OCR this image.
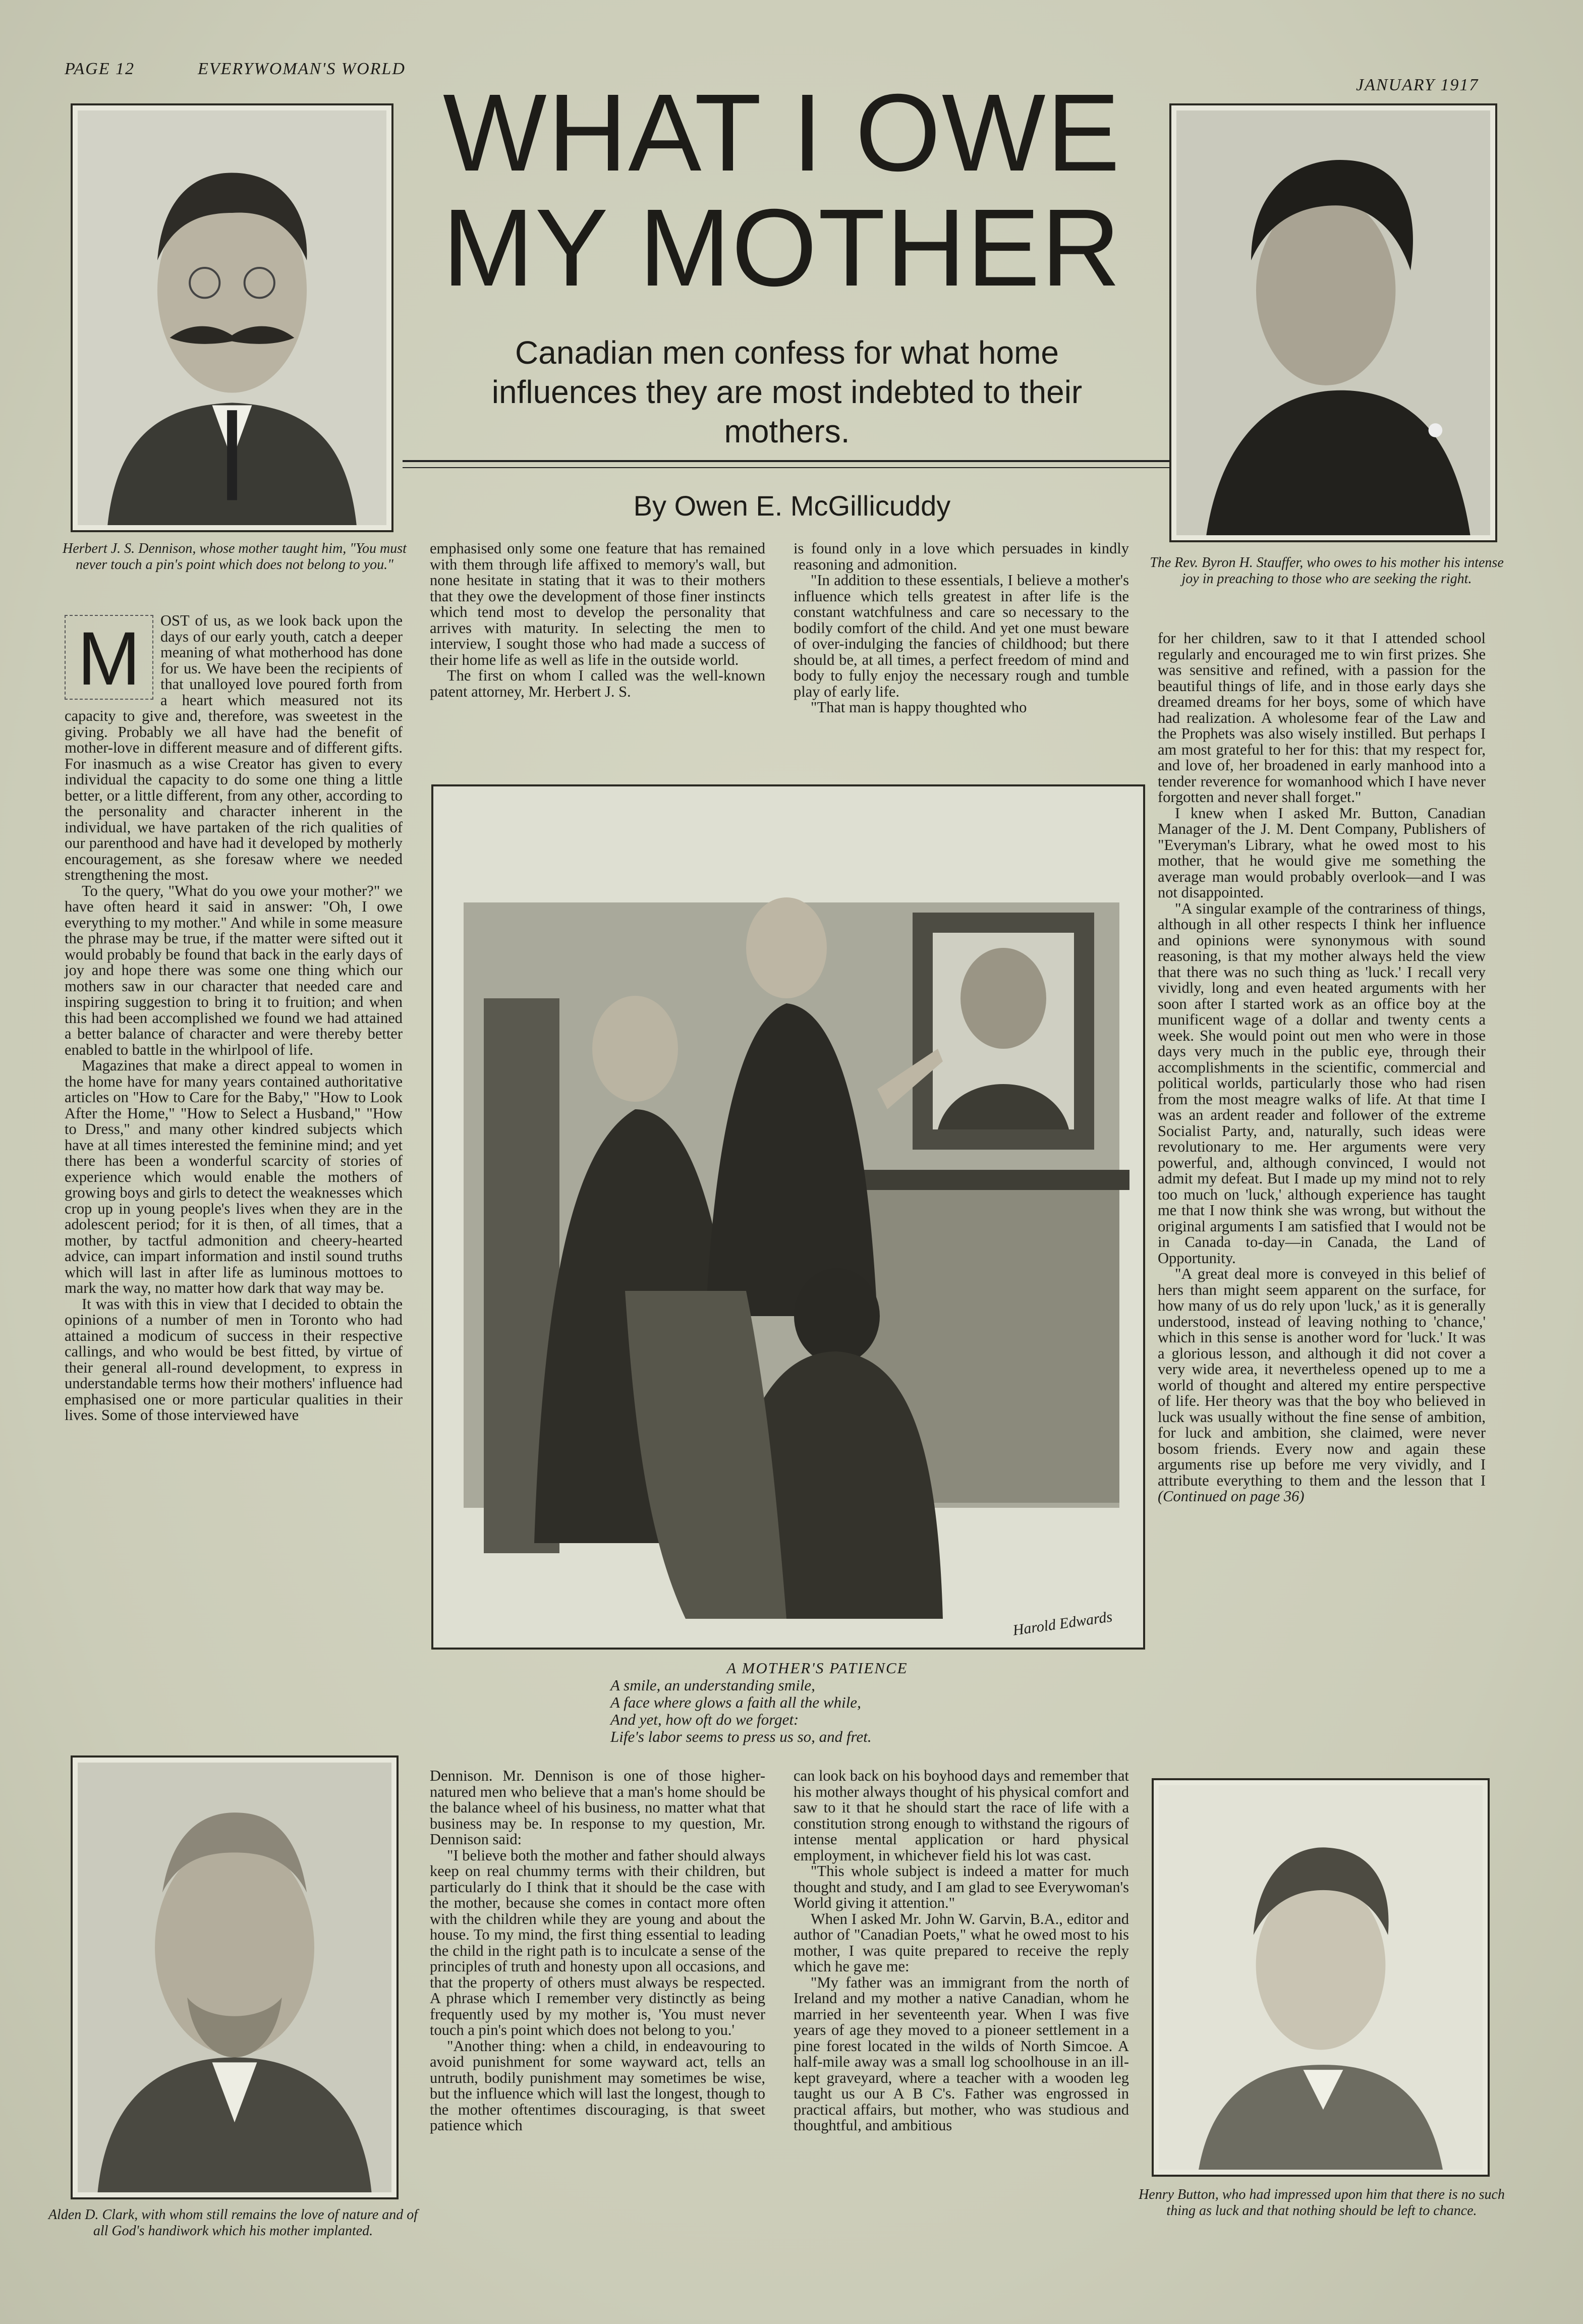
PAGE 12	EVERYWOMAN'S WORLD
JANUARY 1917
WHAT I OWE
MY MOTHER
Canadian men confess for what home influences they are most indebted to their mothers.
By Owen E. McGillicuddy
Herbert J. S. Dennison, whose mother taught him, "You must never touch a pin's point which does not belong to you."	The Rev. Byron H. Stauffer, who owes to his mother his intense joy in preaching to those who are seeking the right.

M	OST of us, as we look back upon the days of our early youth, catch a deeper meaning of what motherhood has done for us. We have been the recipients of that unalloyed love poured forth from a heart which measured not its capacity to give and, therefore, was sweetest in the giving. Probably we all have had the benefit of mother-love in different measure and of different gifts. For inasmuch as a wise Creator has given to every individual the capacity to do some one thing a little better, or a little different, from any other, according to the personality and character inherent in the individual, we have partaken of the rich qualities of our parenthood and have had it developed by motherly encouragement, as she foresaw where we needed strengthening the most.

To the query, "What do you owe your mother?" we have often heard it said in answer: "Oh, I owe everything to my mother." And while in some measure the phrase may be true, if the matter were sifted out it would probably be found that back in the early days of joy and hope there was some one thing which our mothers saw in our character that needed care and inspiring suggestion to bring it to fruition; and when this had been accomplished we found we had attained a better balance of character and were thereby better enabled to battle in the whirlpool of life.

Magazines that make a direct appeal to women in the home have for many years contained authoritative articles on "How to Care for the Baby," "How to Look After the Home," "How to Select a Husband," "How to Dress," and many other kindred subjects which have at all times interested the feminine mind; and yet there has been a wonderful scarcity of stories of experience which would enable the mothers of growing boys and girls to detect the weaknesses which crop up in young people's lives when they are in the adolescent period; for it is then, of all times, that a mother, by tactful admonition and cheery-hearted advice, can impart information and instil sound truths which will last in after life as luminous mottoes to mark the way, no matter how dark that way may be.

It was with this in view that I decided to obtain the opinions of a number of men in Toronto who had attained a modicum of success in their respective callings, and who would be best fitted, by virtue of their general all-round development, to express in understandable terms how their mothers' influence had emphasised one or more particular qualities in their lives. Some of those interviewed have

emphasised only some one feature that has remained with them through life affixed to memory's wall, but none hesitate in stating that it was to their mothers that they owe the development of those finer instincts which tend most to develop the personality that arrives with maturity. In selecting the men to interview, I sought those who had made a success of their home life as well as life in the outside world.

The first on whom I called was the well-known patent attorney, Mr. Herbert J. S.

is found only in a love which persuades in kindly reasoning and admonition.

"In addition to these essentials, I believe a mother's influence which tells greatest in after life is the constant watchfulness and care so necessary to the bodily comfort of the child. And yet one must beware of over-indulging the fancies of childhood; but there should be, at all times, a perfect freedom of mind and body to fully enjoy the necessary rough and tumble play of early life.

"That man is happy thoughted who

Harold Edwards
A MOTHER'S PATIENCE
A smile, an understanding smile,
A face where glows a faith all the while,
And yet, how oft do we forget:
Life's labor seems to press us so, and fret.

for her children, saw to it that I attended school regularly and encouraged me to win first prizes. She was sensitive and refined, with a passion for the beautiful things of life, and in those early days she dreamed dreams for her boys, some of which have had realization. A wholesome fear of the Law and the Prophets was also wisely instilled. But perhaps I am most grateful to her for this: that my respect for, and love of, her broadened in early manhood into a tender reverence for womanhood which I have never forgotten and never shall forget."

I knew when I asked Mr. Button, Canadian Manager of the J. M. Dent Company, Publishers of "Everyman's Library, what he owed most to his mother, that he would give me something the average man would probably overlook—and I was not disappointed.

"A singular example of the contrariness of things, although in all other respects I think her influence and opinions were synonymous with sound reasoning, is that my mother always held the view that there was no such thing as 'luck.' I recall very vividly, long and even heated arguments with her soon after I started work as an office boy at the munificent wage of a dollar and twenty cents a week. She would point out men who were in those days very much in the public eye, through their accomplishments in the scientific, commercial and political worlds, particularly those who had risen from the most meagre walks of life. At that time I was an ardent reader and follower of the extreme Socialist Party, and, naturally, such ideas were revolutionary to me. Her arguments were very powerful, and, although convinced, I would not admit my defeat. But I made up my mind not to rely too much on 'luck,' although experience has taught me that I now think she was wrong, but without the original arguments I am satisfied that I would not be in Canada to-day—in Canada, the Land of Opportunity.

"A great deal more is conveyed in this belief of hers than might seem apparent on the surface, for how many of us do rely upon 'luck,' as it is generally understood, instead of leaving nothing to 'chance,' which in this sense is another word for 'luck.' It was a glorious lesson, and although it did not cover a very wide area, it nevertheless opened up to me a world of thought and altered my entire perspective of life. Her theory was that the boy who believed in luck was usually without the fine sense of ambition, for luck and ambition, she claimed, were never bosom friends. Every now and again these arguments rise up before me very vividly, and I attribute everything to them and the lesson that I (Continued on page 36)

Alden D. Clark, with whom still remains the love of nature and of all God's handiwork which his mother implanted.

Dennison. Mr. Dennison is one of those higher-natured men who believe that a man's home should be the balance wheel of his business, no matter what that business may be. In response to my question, Mr. Dennison said:

"I believe both the mother and father should always keep on real chummy terms with their children, but particularly do I think that it should be the case with the mother, because she comes in contact more often with the children while they are young and about the house. To my mind, the first thing essential to leading the child in the right path is to inculcate a sense of the principles of truth and honesty upon all occasions, and that the property of others must always be respected. A phrase which I remember very distinctly as being frequently used by my mother is, 'You must never touch a pin's point which does not belong to you.'

"Another thing: when a child, in endeavouring to avoid punishment for some wayward act, tells an untruth, bodily punishment may sometimes be wise, but the influence which will last the longest, though to the mother oftentimes discouraging, is that sweet patience which

can look back on his boyhood days and remember that his mother always thought of his physical comfort and saw to it that he should start the race of life with a constitution strong enough to withstand the rigours of intense mental application or hard physical employment, in whichever field his lot was cast.

"This whole subject is indeed a matter for much thought and study, and I am glad to see Everywoman's World giving it attention."

When I asked Mr. John W. Garvin, B.A., editor and author of "Canadian Poets," what he owed most to his mother, I was quite prepared to receive the reply which he gave me:

"My father was an immigrant from the north of Ireland and my mother a native Canadian, whom he married in her seventeenth year. When I was five years of age they moved to a pioneer settlement in a pine forest located in the wilds of North Simcoe. A half-mile away was a small log schoolhouse in an ill-kept graveyard, where a teacher with a wooden leg taught us our A B C's. Father was engrossed in practical affairs, but mother, who was studious and thoughtful, and ambitious

Henry Button, who had impressed upon him that there is no such thing as luck and that nothing should be left to chance.
